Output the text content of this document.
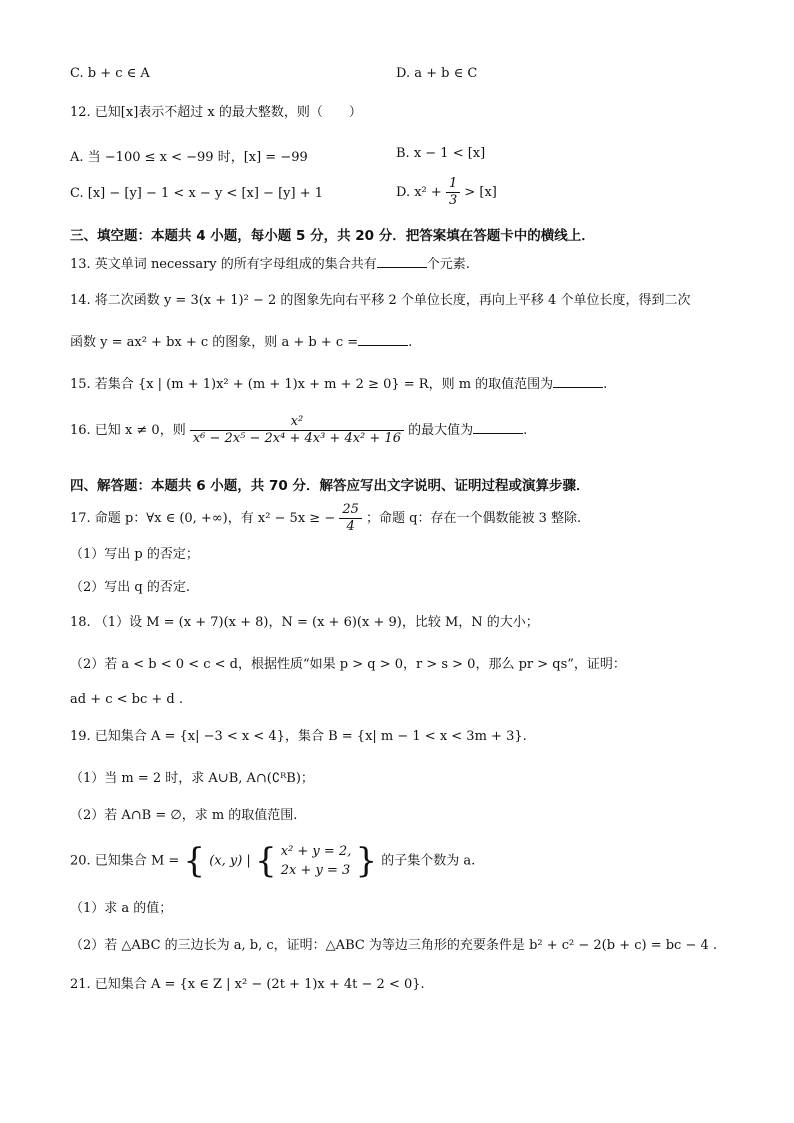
C. b + c ∈ A	D. a + b ∈ C
12. 已知[x]表示不超过 x 的最大整数，则（　　）
A. 当 −100 ≤ x < −99 时，[x] = −99	B. x − 1 < [x]
C. [x] − [y] − 1 < x − y < [x] − [y] + 1	D. $x^2 + \frac{1}{3} > [x]$
三、填空题：本题共 4 小题，每小题 5 分，共 20 分．把答案填在答题卡中的横线上．
13. 英文单词 necessary 的所有字母组成的集合共有	个元素.
14. 将二次函数 y = 3(x + 1)² − 2 的图象先向右平移 2 个单位长度，再向上平移 4 个单位长度，得到二次
函数 y = ax² + bx + c 的图象，则 a + b + c =	.
15. 若集合 {x | (m + 1)x² + (m + 1)x + m + 2 ≥ 0} = R，则 m 的取值范围为	.
16. 已知 x ≠ 0，则 $\frac{\text{x²}}{\text{x⁶ − 2x⁵ − 2x⁴ + 4x³ + 4x² + 16}}$ 的最大值为	.
四、解答题：本题共 6 小题，共 70 分．解答应写出文字说明、证明过程或演算步骤．
17. 命题 p：∀x ∈ (0, +∞)，有 x² − 5x ≥ − $\frac{25}{4}$ ；命题 q：存在一个偶数能被 3 整除.
（1）写出 p 的否定；
（2）写出 q 的否定.
18. （1）设 M = (x + 7)(x + 8)，N = (x + 6)(x + 9)，比较 M，N 的大小；
（2）若 a < b < 0 < c < d，根据性质“如果 p > q > 0，r > s > 0，那么 pr > qs”，证明：
ad + c < bc + d .
19. 已知集合 A = {x| −3 < x < 4}，集合 B = {x| m − 1 < x < 3m + 3}.
（1）当 m = 2 时，求 A∪B, A∩(∁ᴿB)；
（2）若 A∩B = ∅，求 m 的取值范围.
20. 已知集合 M = { (x, y) | { x² + y = 2,
2x + y = 3 } 的子集个数为 a.
（1）求 a 的值；
（2）若 △ABC 的三边长为 a, b, c，证明：△ABC 为等边三角形的充要条件是 b² + c² − 2(b + c) = bc − 4 .
21. 已知集合 A = {x ∈ Z | x² − (2t + 1)x + 4t − 2 < 0}.
